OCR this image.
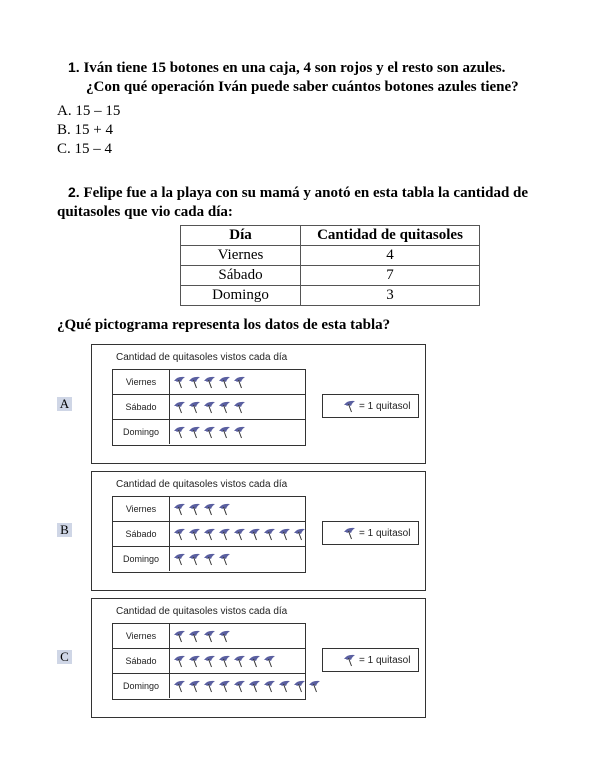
1. Iván tiene 15 botones en una caja, 4 son rojos y el resto son azules.
¿Con qué operación Iván puede saber cuántos botones azules tiene?
A. 15 – 15
B. 15 + 4
C. 15 – 4
2. Felipe fue a la playa con su mamá y anotó en esta tabla la cantidad de
quitasoles que vio cada día:
Día	Cantidad de quitasoles
Viernes	4
Sábado	7
Domingo	3
¿Qué pictograma representa los datos de esta tabla?
A
Cantidad de quitasoles vistos cada día
Viernes
Sábado
Domingo
= 1 quitasol
B
Cantidad de quitasoles vistos cada día
Viernes
Sábado
Domingo
= 1 quitasol
C
Cantidad de quitasoles vistos cada día
Viernes
Sábado
Domingo
= 1 quitasol
